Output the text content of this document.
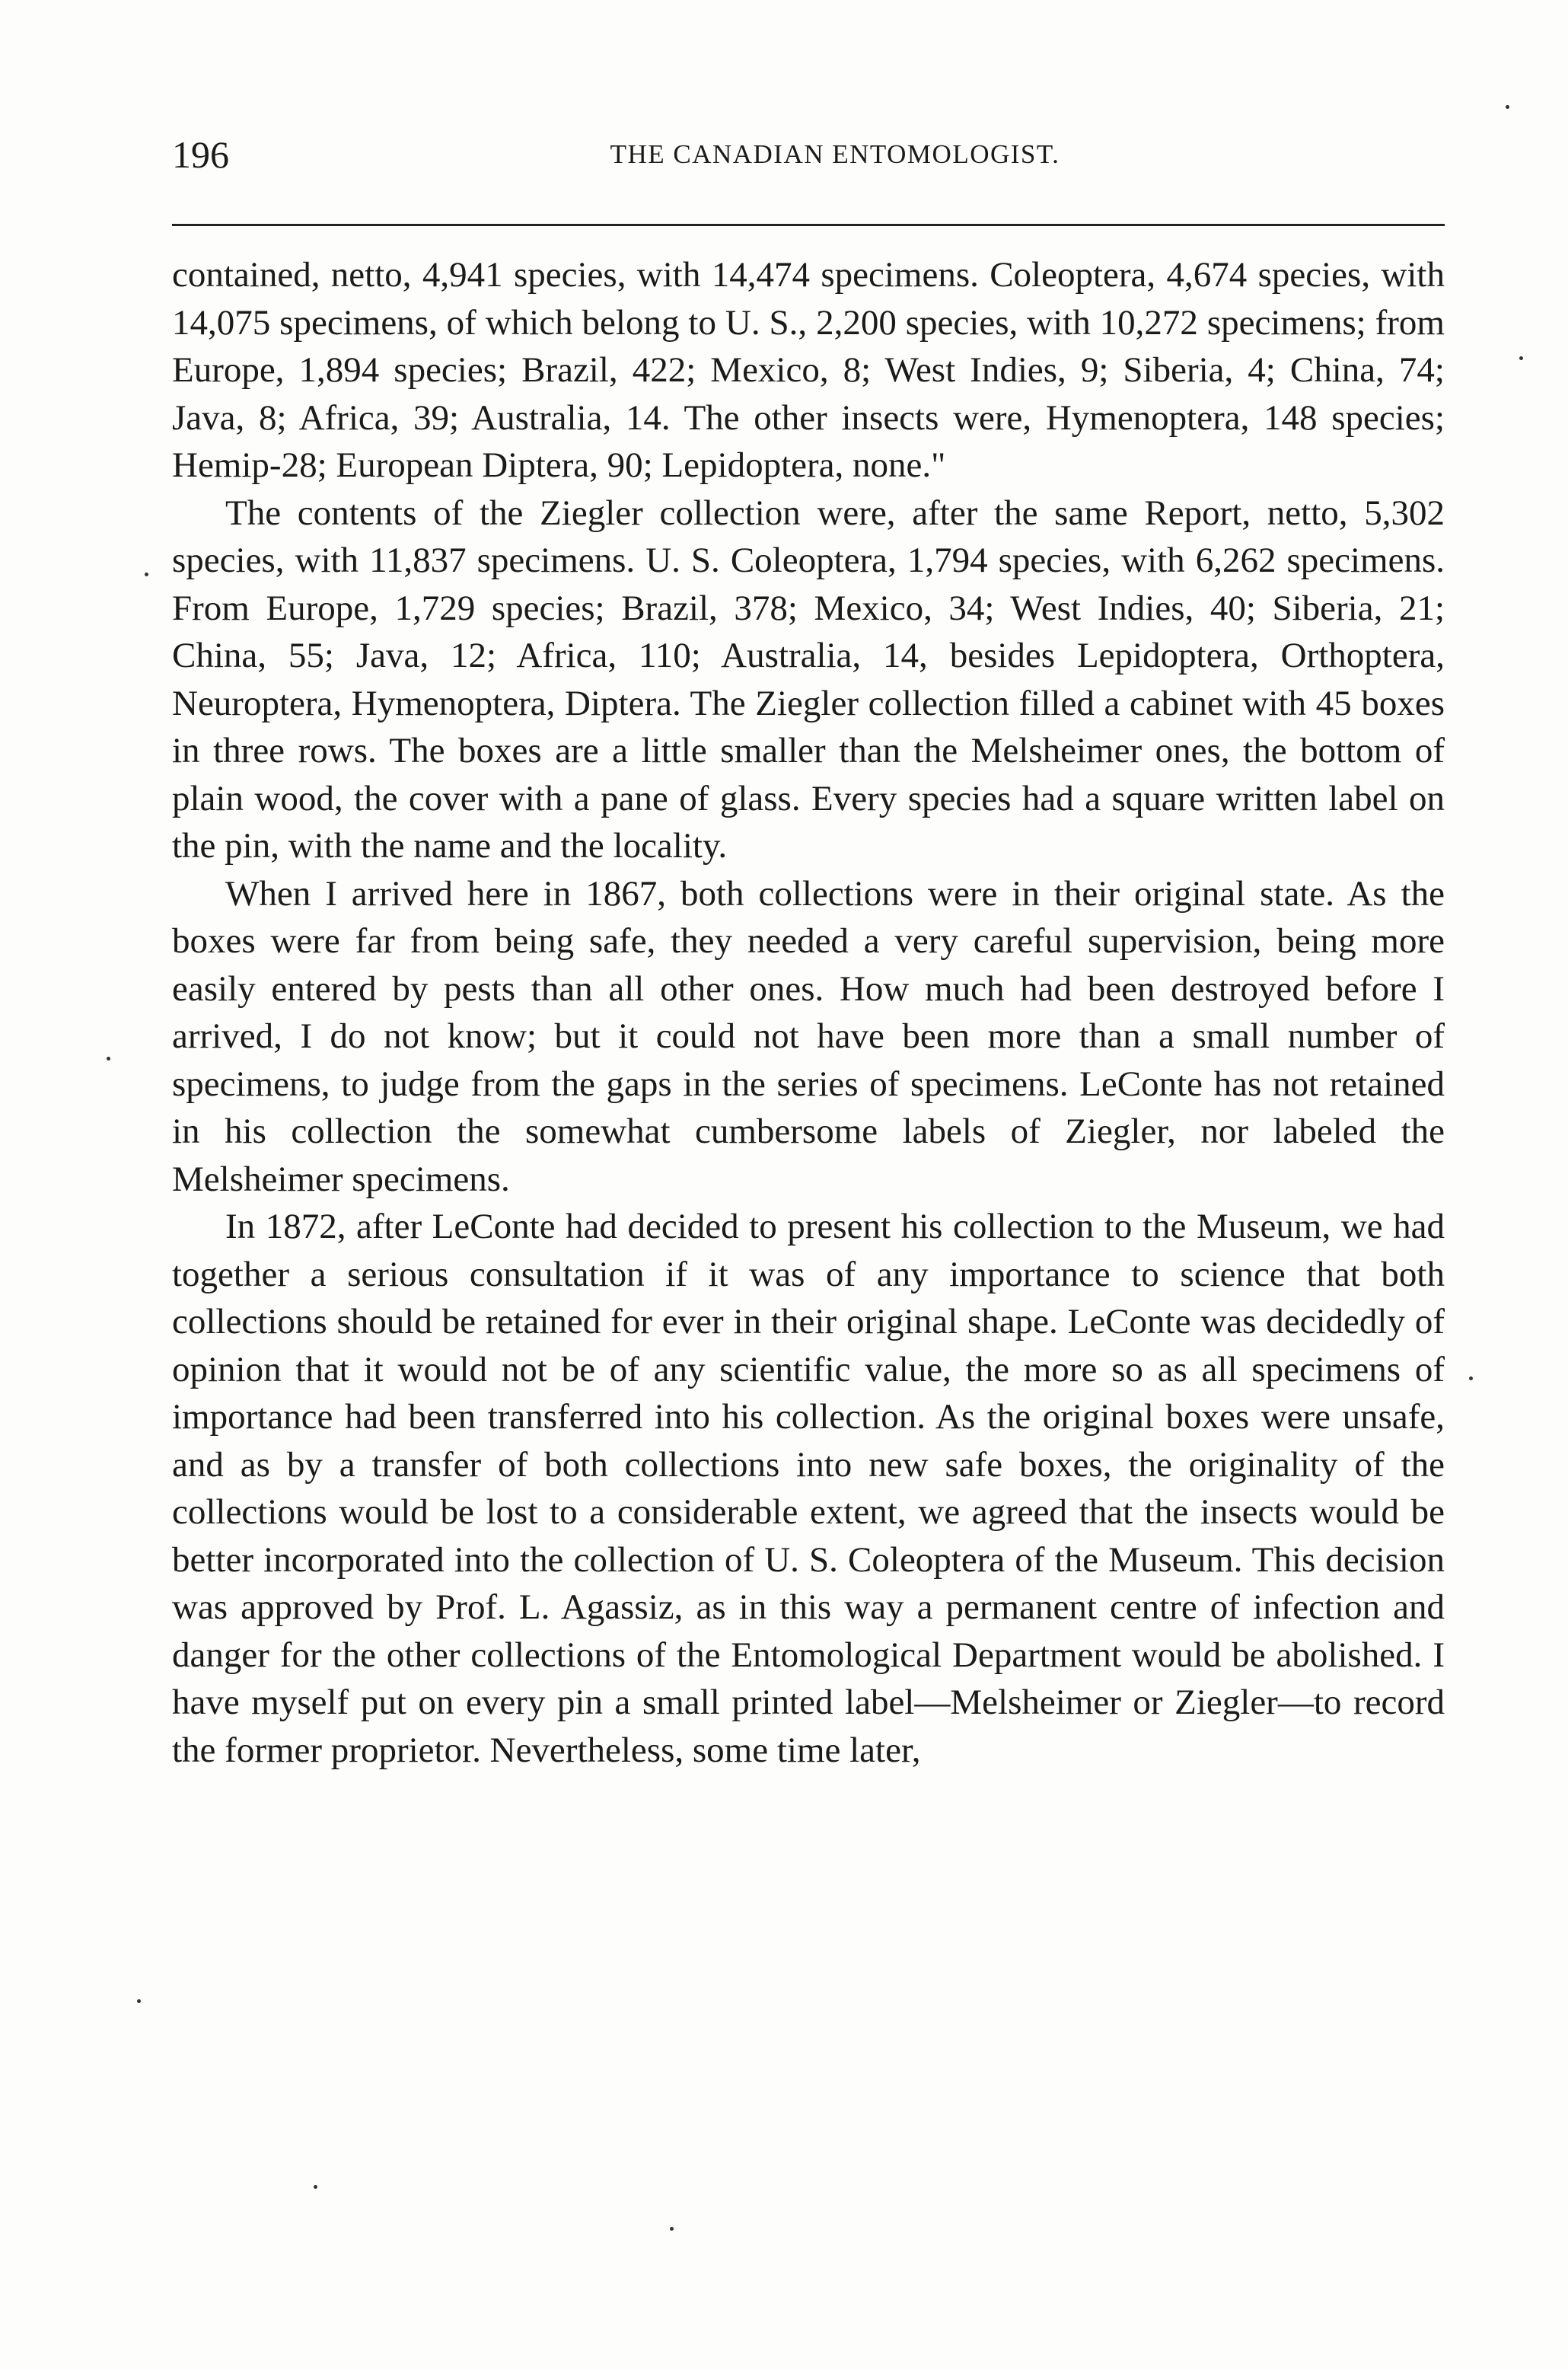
196	THE CANADIAN ENTOMOLOGIST.

contained, netto, 4,941 species, with 14,474 specimens. Coleoptera, 4,674 species, with 14,075 specimens, of which belong to U. S., 2,200 species, with 10,272 specimens; from Europe, 1,894 species; Brazil, 422; Mexico, 8; West Indies, 9; Siberia, 4; China, 74; Java, 8; Africa, 39; Australia, 14. The other insects were, Hymenoptera, 148 species; Hemip-28; European Diptera, 90; Lepidoptera, none."

The contents of the Ziegler collection were, after the same Report, netto, 5,302 species, with 11,837 specimens. U. S. Coleoptera, 1,794 species, with 6,262 specimens. From Europe, 1,729 species; Brazil, 378; Mexico, 34; West Indies, 40; Siberia, 21; China, 55; Java, 12; Africa, 110; Australia, 14, besides Lepidoptera, Orthoptera, Neuroptera, Hymenoptera, Diptera. The Ziegler collection filled a cabinet with 45 boxes in three rows. The boxes are a little smaller than the Melsheimer ones, the bottom of plain wood, the cover with a pane of glass. Every species had a square written label on the pin, with the name and the locality.

When I arrived here in 1867, both collections were in their original state. As the boxes were far from being safe, they needed a very careful supervision, being more easily entered by pests than all other ones. How much had been destroyed before I arrived, I do not know; but it could not have been more than a small number of specimens, to judge from the gaps in the series of specimens. LeConte has not retained in his collection the somewhat cumbersome labels of Ziegler, nor labeled the Melsheimer specimens.

In 1872, after LeConte had decided to present his collection to the Museum, we had together a serious consultation if it was of any importance to science that both collections should be retained for ever in their original shape. LeConte was decidedly of opinion that it would not be of any scientific value, the more so as all specimens of importance had been transferred into his collection. As the original boxes were unsafe, and as by a transfer of both collections into new safe boxes, the originality of the collections would be lost to a considerable extent, we agreed that the insects would be better incorporated into the collection of U. S. Coleoptera of the Museum. This decision was approved by Prof. L. Agassiz, as in this way a permanent centre of infection and danger for the other collections of the Entomological Department would be abolished. I have myself put on every pin a small printed label—Melsheimer or Ziegler—to record the former proprietor. Nevertheless, some time later,
